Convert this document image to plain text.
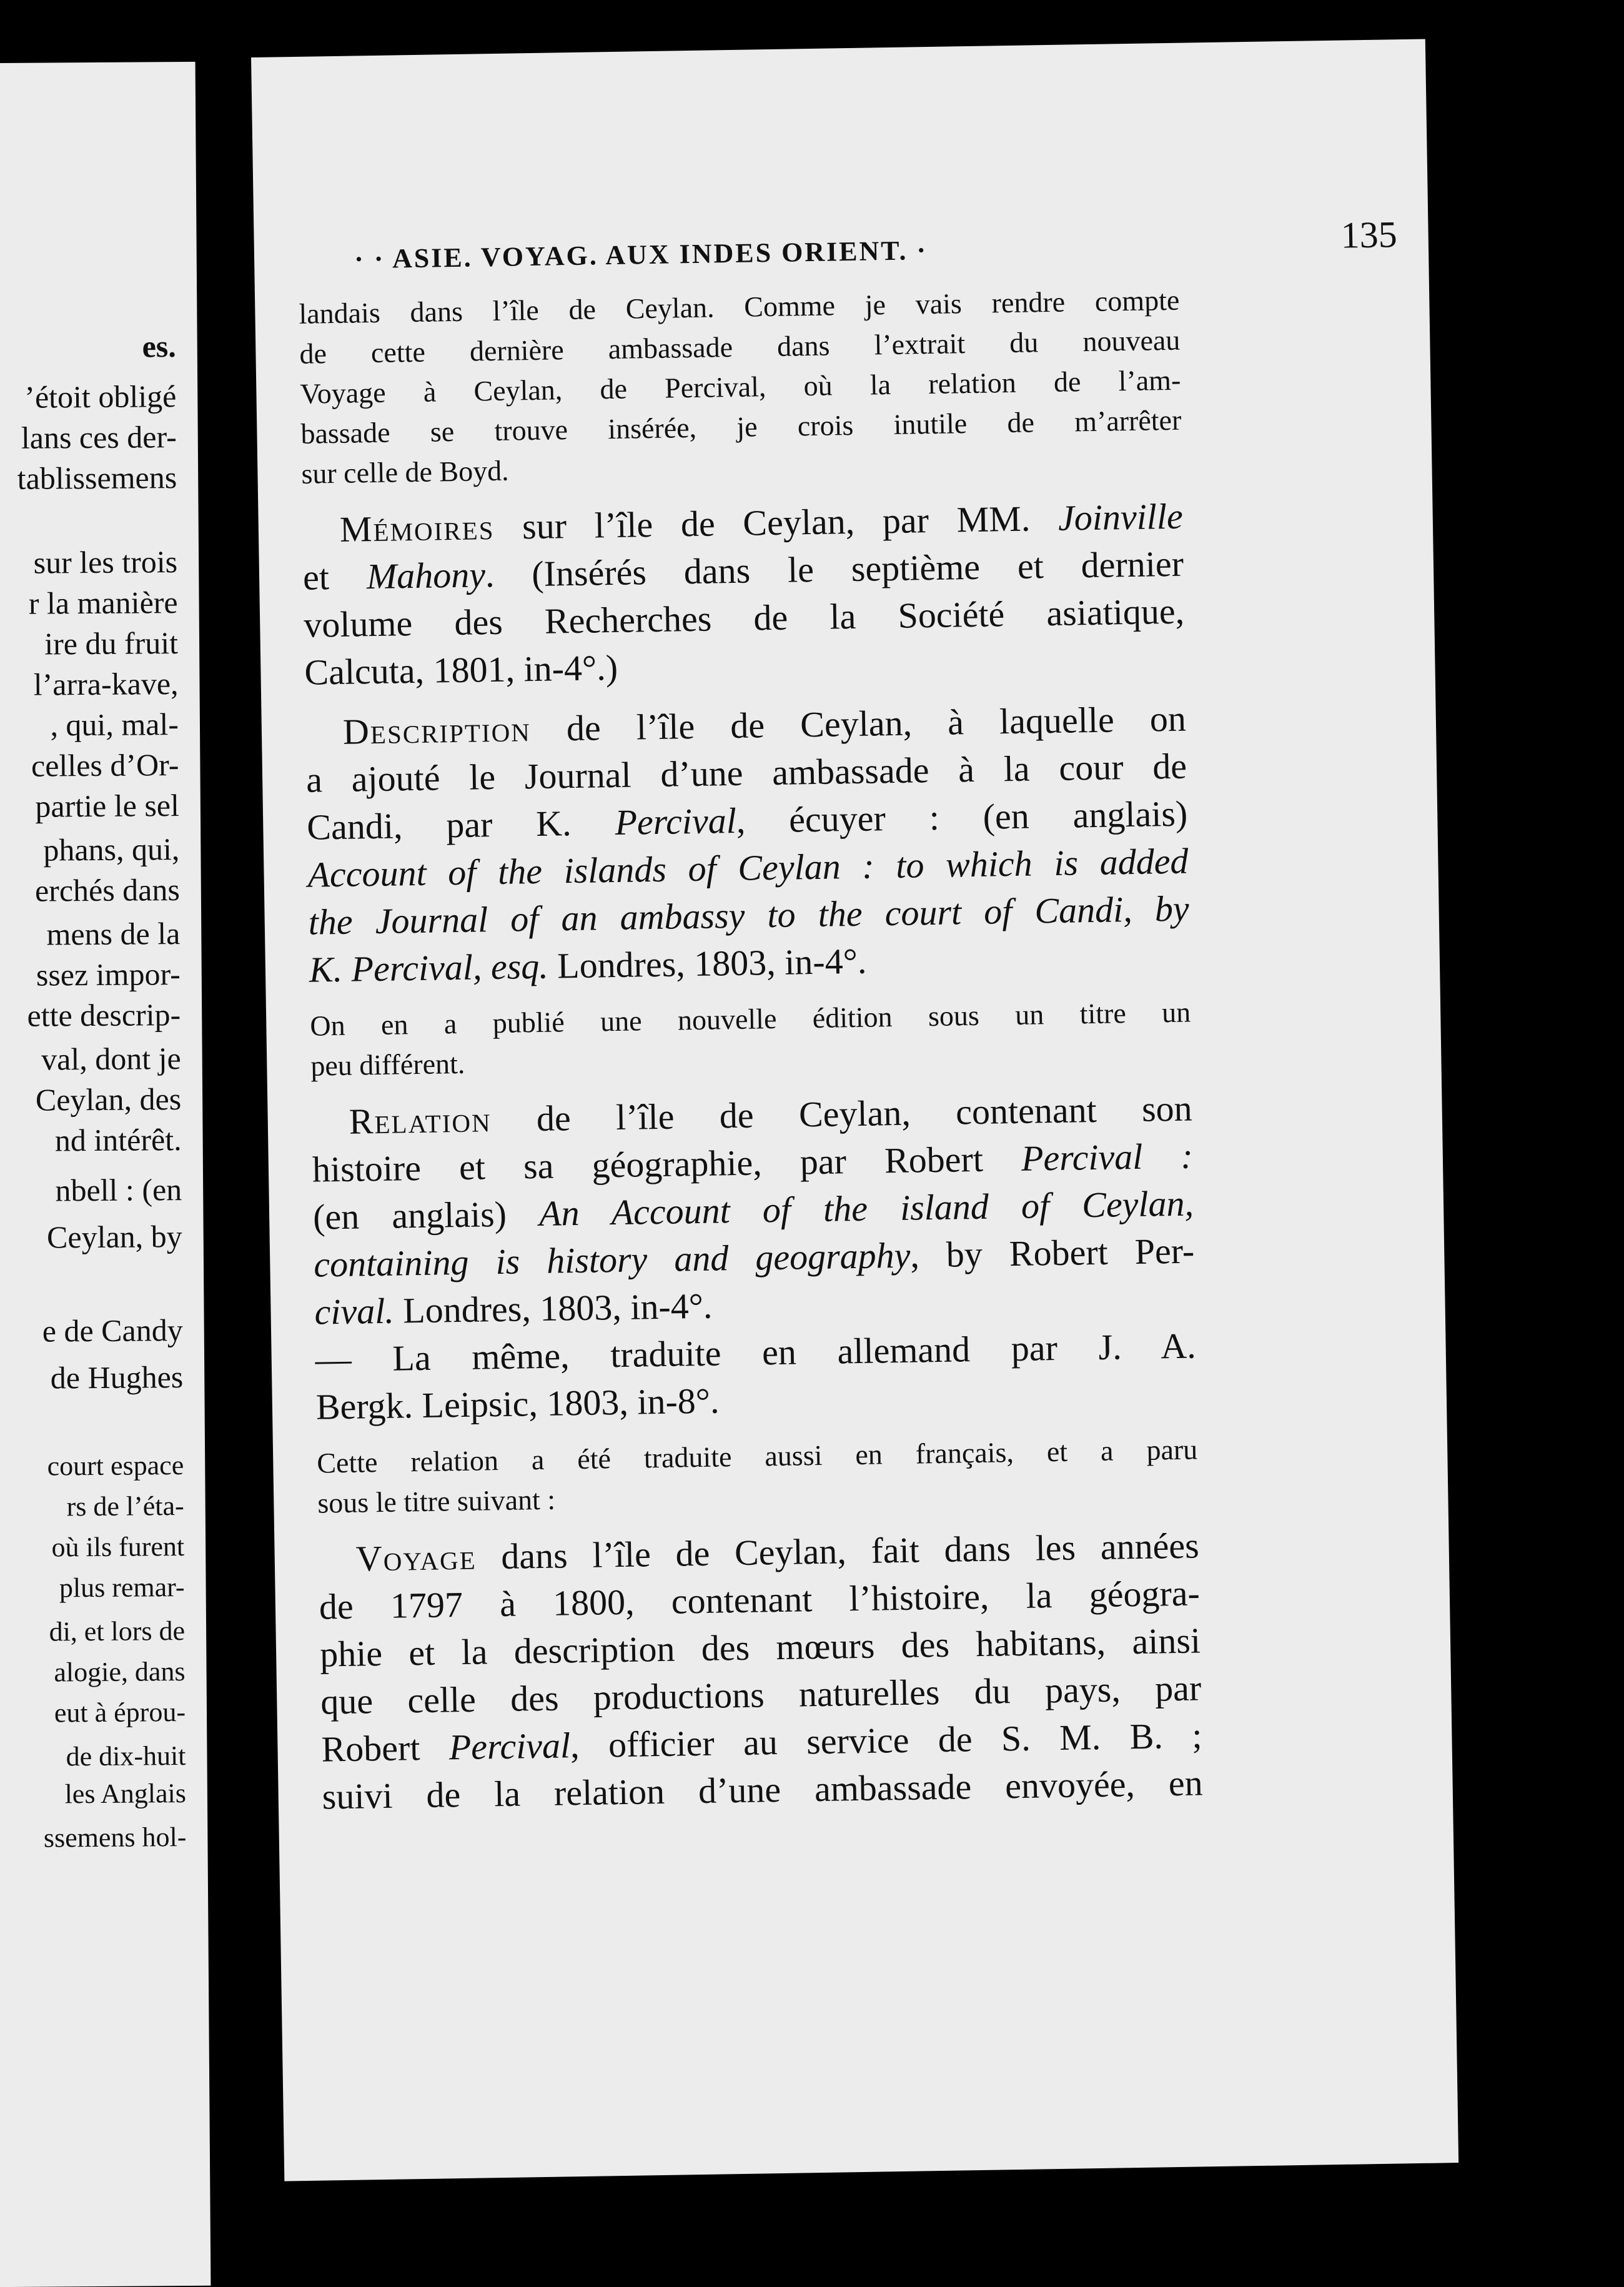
es.
’étoit obligé
lans ces der-
tablissemens
sur les trois
r la manière
ire du fruit
l’arra-kave,
, qui, mal-
celles d’Or-
partie le sel
phans, qui,
erchés dans
mens de la
ssez impor-
ette descrip-
val, dont je
Ceylan, des
nd intérêt.
nbell : (en
Ceylan, by
e de Candy
de Hughes
court espace
rs de l’éta-
où ils furent
plus remar-
di, et lors de
alogie, dans
eut à éprou-
de dix-huit
les Anglais
ssemens hol-
· · ASIE. VOYAG. AUX INDES ORIENT. ·	135
landais dans l’île de Ceylan. Comme je vais rendre compte
de cette dernière ambassade dans l’extrait du nouveau
Voyage à Ceylan, de Percival, où la relation de l’am-
bassade se trouve insérée, je crois inutile de m’arrêter
sur celle de Boyd.
Mémoires sur l’île de Ceylan, par MM. Joinville
et Mahony. (Insérés dans le septième et dernier
volume des Recherches de la Société asiatique,
Calcuta, 1801, in-4°.)
Description de l’île de Ceylan, à laquelle on
a ajouté le Journal d’une ambassade à la cour de
Candi, par K. Percival, écuyer : (en anglais)
Account of the islands of Ceylan : to which is added
the Journal of an ambassy to the court of Candi, by
K. Percival, esq. Londres, 1803, in-4°.
On en a publié une nouvelle édition sous un titre un
peu différent.
Relation de l’île de Ceylan, contenant son
histoire et sa géographie, par Robert Percival :
(en anglais) An Account of the island of Ceylan,
containing is history and geography, by Robert Per-
cival. Londres, 1803, in-4°.
— La même, traduite en allemand par J. A.
Bergk. Leipsic, 1803, in-8°.
Cette relation a été traduite aussi en français, et a paru
sous le titre suivant :
Voyage dans l’île de Ceylan, fait dans les années
de 1797 à 1800, contenant l’histoire, la géogra-
phie et la description des mœurs des habitans, ainsi
que celle des productions naturelles du pays, par
Robert Percival, officier au service de S. M. B. ;
suivi de la relation d’une ambassade envoyée, en
